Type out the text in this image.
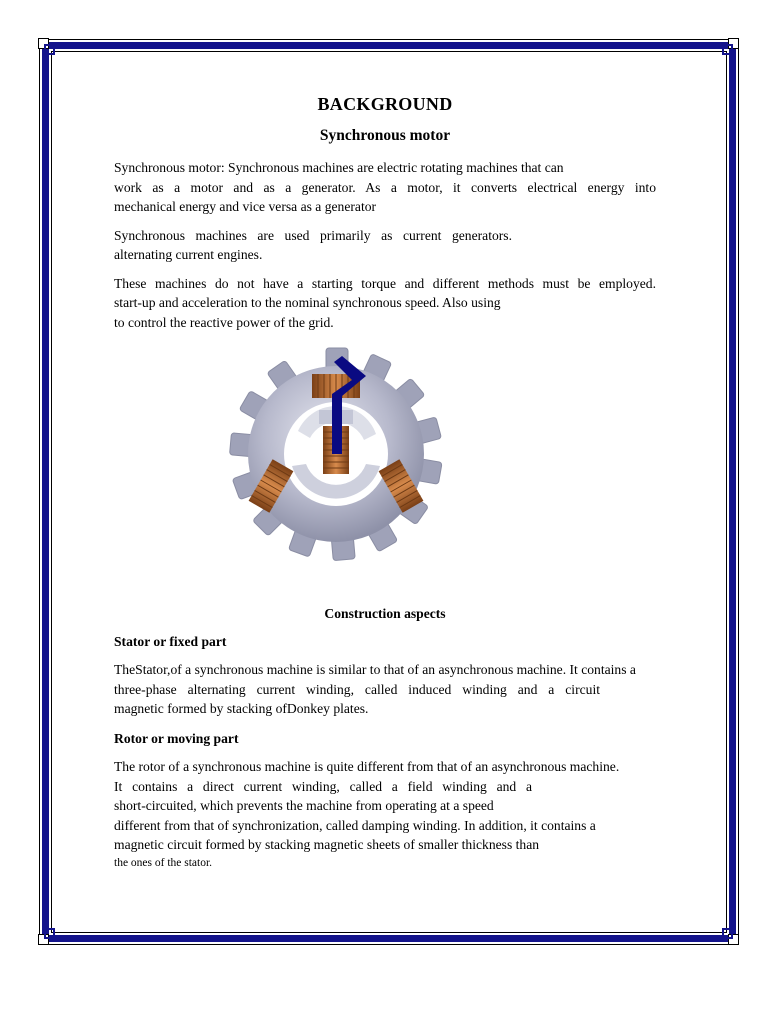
BACKGROUND
Synchronous motor

Synchronous motor: Synchronous machines are electric rotating machines that can
work as a motor and as a generator. As a motor, it converts electrical energy into
mechanical energy and vice versa as a generator

Synchronous machines are used primarily as current generators.
alternating current engines.

These machines do not have a starting torque and different methods must be employed.
start-up and acceleration to the nominal synchronous speed. Also using
to control the reactive power of the grid.

Construction aspects
Stator or fixed part

TheStator,of a synchronous machine is similar to that of an asynchronous machine. It contains a
three-phase alternating current winding, called induced winding and a circuit
magnetic formed by stacking ofDonkey plates.

Rotor or moving part

The rotor of a synchronous machine is quite different from that of an asynchronous machine.
It contains a direct current winding, called a field winding and a
short-circuited, which prevents the machine from operating at a speed
different from that of synchronization, called damping winding. In addition, it contains a
magnetic circuit formed by stacking magnetic sheets of smaller thickness than
the ones of the stator.
